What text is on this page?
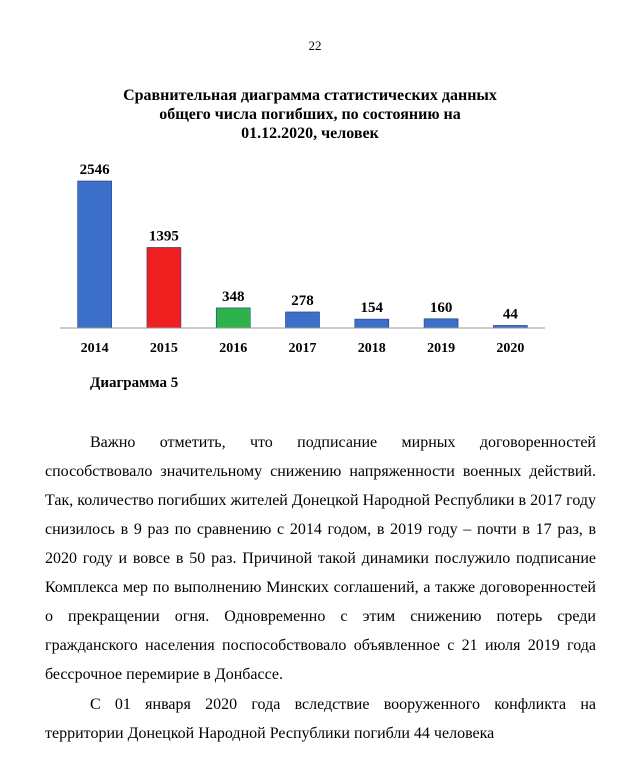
22
Сравнительная диаграмма статистических данных
общего числа погибших, по состоянию на
01.12.2020, человек
2546
2014
1395
2015
348
2016
278
2017
154
2018
160
2019
44
2020
Диаграмма 5

Важно отметить, что подписание мирных договоренностей способствовало значительному снижению напряженности военных действий. Так, количество погибших жителей Донецкой Народной Республики в 2017 году снизилось в 9 раз по сравнению с 2014 годом, в 2019 году – почти в 17 раз, в 2020 году и вовсе в 50 раз. Причиной такой динамики послужило подписание Комплекса мер по выполнению Минских соглашений, а также договоренностей о прекращении огня. Одновременно с этим снижению потерь среди гражданского населения поспособствовало объявленное с 21 июля 2019 года бессрочное перемирие в Донбассе.

С 01 января 2020 года вследствие вооруженного конфликта на территории Донецкой Народной Республики погибли 44 человека
